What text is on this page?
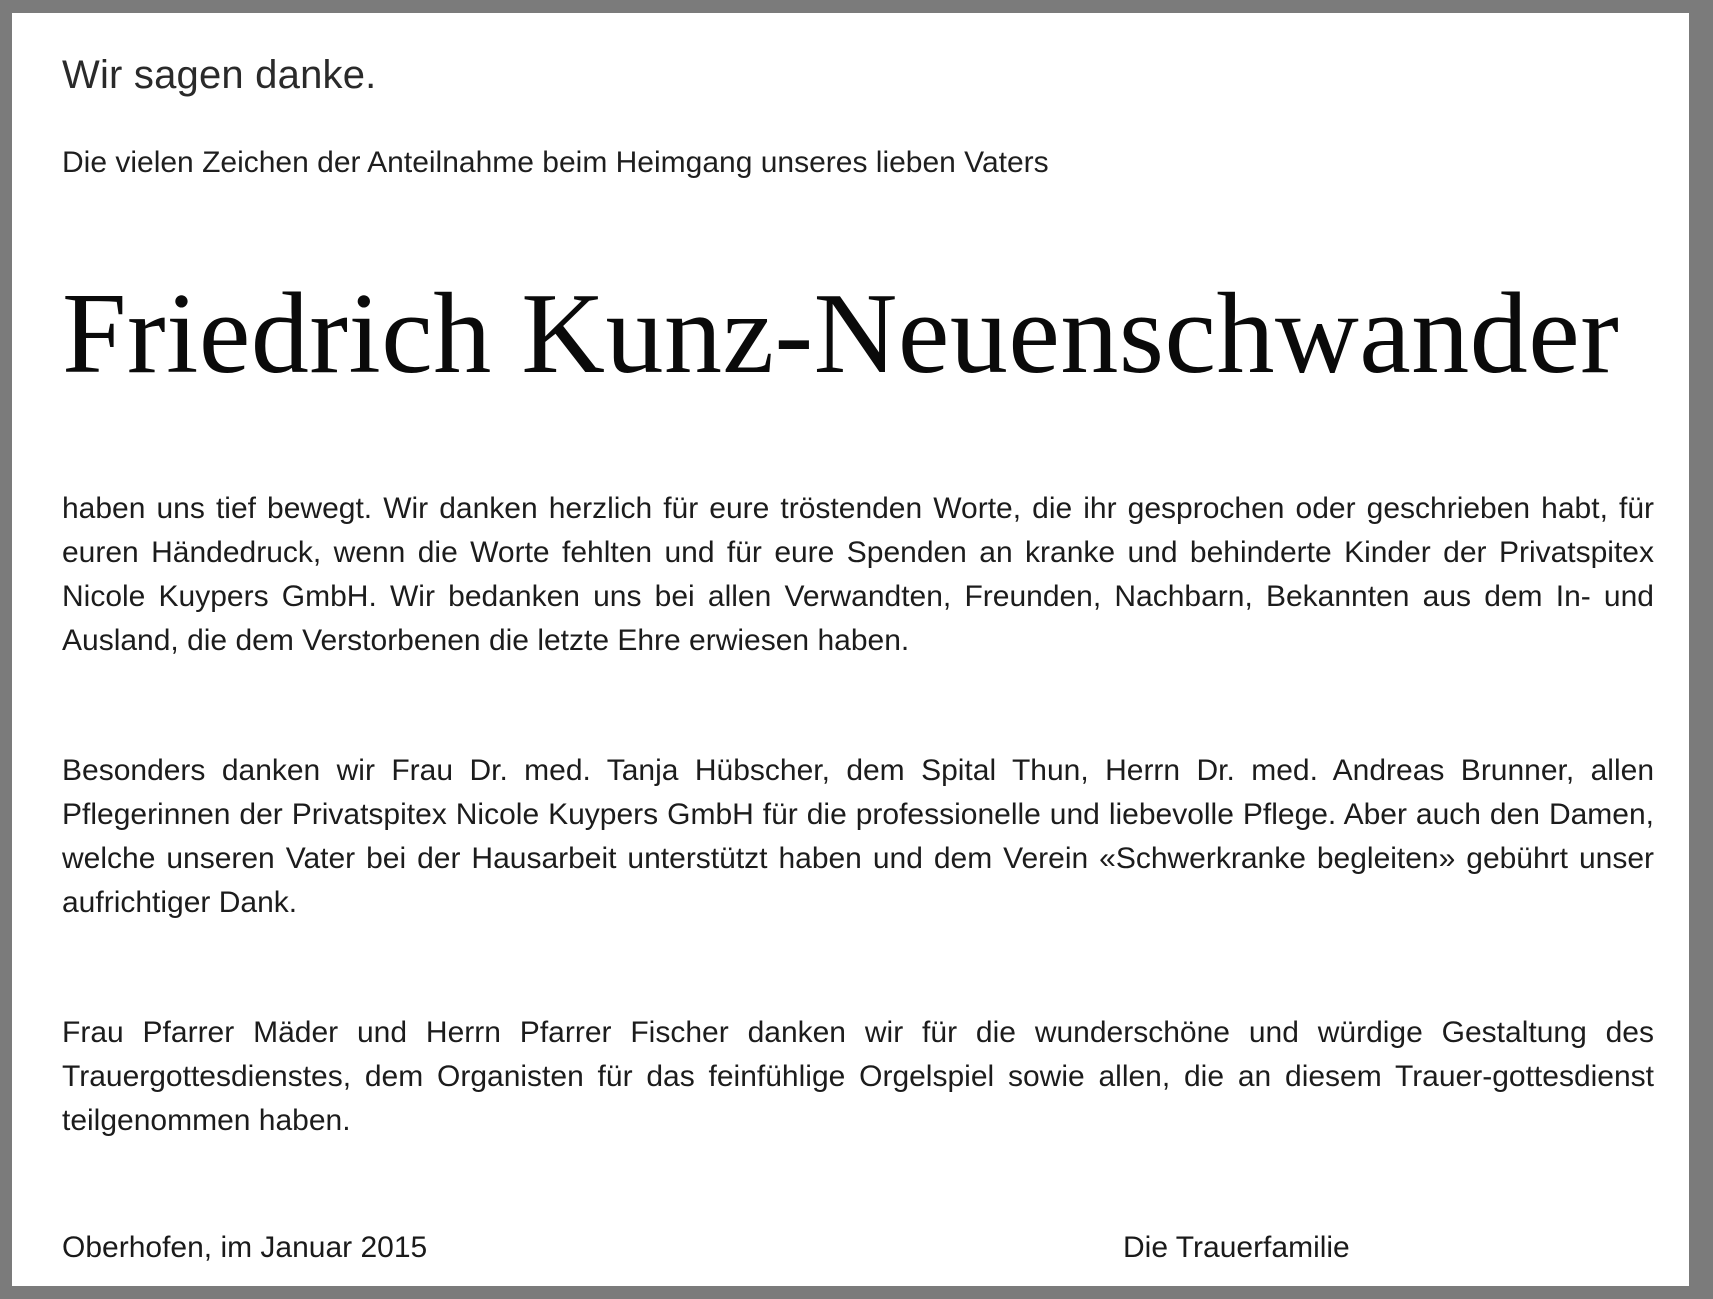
Wir sagen danke.
Die vielen Zeichen der Anteilnahme beim Heimgang unseres lieben Vaters
Friedrich Kunz-Neuenschwander
haben uns tief bewegt. Wir danken herzlich für eure tröstenden Worte, die ihr gesprochen oder geschrieben habt, für euren Händedruck, wenn die Worte fehlten und für eure Spenden an kranke und behinderte Kinder der Privatspitex Nicole Kuypers GmbH. Wir bedanken uns bei allen Verwandten, Freunden, Nachbarn, Bekannten aus dem In- und Ausland, die dem Verstorbenen die letzte Ehre erwiesen haben.
Besonders danken wir Frau Dr. med. Tanja Hübscher, dem Spital Thun, Herrn Dr. med. Andreas Brunner, allen Pflegerinnen der Privatspitex Nicole Kuypers GmbH für die professionelle und liebevolle Pflege. Aber auch den Damen, welche unseren Vater bei der Hausarbeit unterstützt haben und dem Verein «Schwerkranke begleiten» gebührt unser aufrichtiger Dank.
Frau Pfarrer Mäder und Herrn Pfarrer Fischer danken wir für die wunderschöne und würdige Gestaltung des Trauergottesdienstes, dem Organisten für das feinfühlige Orgelspiel sowie allen, die an diesem Trauer-gottesdienst teilgenommen haben.
Oberhofen, im Januar 2015	Die Trauerfamilie
